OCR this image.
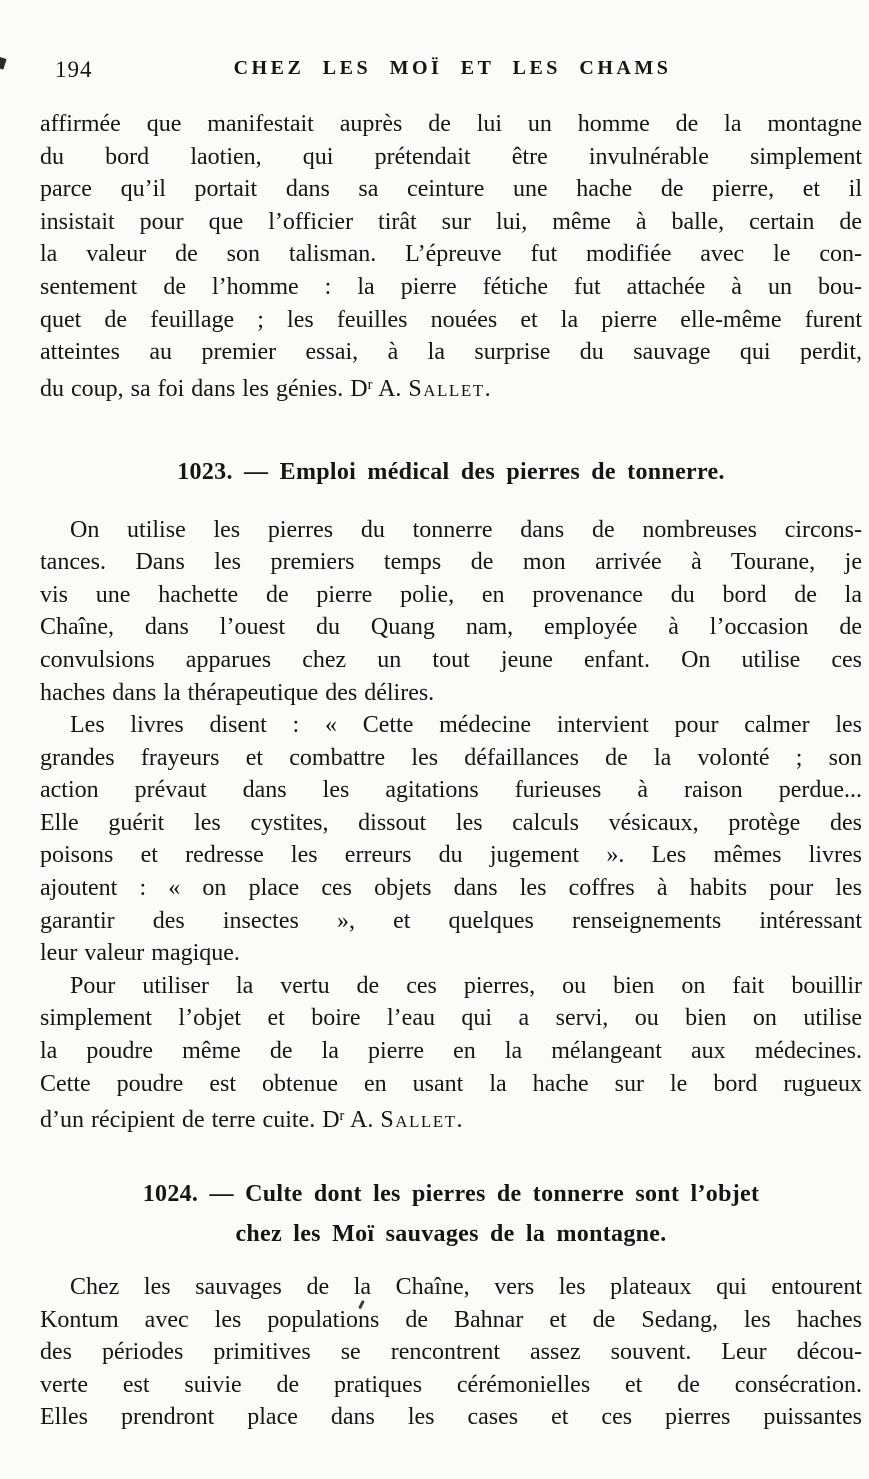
194	CHEZ LES MOÏ ET LES CHAMS
affirmée que manifestait auprès de lui un homme de la montagne
du bord laotien, qui prétendait être invulnérable simplement
parce qu’il portait dans sa ceinture une hache de pierre, et il
insistait pour que l’officier tirât sur lui, même à balle, certain de
la valeur de son talisman. L’épreuve fut modifiée avec le con-
sentement de l’homme : la pierre fétiche fut attachée à un bou-
quet de feuillage ; les feuilles nouées et la pierre elle-même furent
atteintes au premier essai, à la surprise du sauvage qui perdit,
du coup, sa foi dans les génies. $D^r$ A. Sallet.
1023. — Emploi médical des pierres de tonnerre.
On utilise les pierres du tonnerre dans de nombreuses circons-
tances. Dans les premiers temps de mon arrivée à Tourane, je
vis une hachette de pierre polie, en provenance du bord de la
Chaîne, dans l’ouest du Quang nam, employée à l’occasion de
convulsions apparues chez un tout jeune enfant. On utilise ces
haches dans la thérapeutique des délires.
Les livres disent : « Cette médecine intervient pour calmer les
grandes frayeurs et combattre les défaillances de la volonté ; son
action prévaut dans les agitations furieuses à raison perdue...
Elle guérit les cystites, dissout les calculs vésicaux, protège des
poisons et redresse les erreurs du jugement ». Les mêmes livres
ajoutent : « on place ces objets dans les coffres à habits pour les
garantir des insectes », et quelques renseignements intéressant
leur valeur magique.
Pour utiliser la vertu de ces pierres, ou bien on fait bouillir
simplement l’objet et boire l’eau qui a servi, ou bien on utilise
la poudre même de la pierre en la mélangeant aux médecines.
Cette poudre est obtenue en usant la hache sur le bord rugueux
d’un récipient de terre cuite. $D^r$ A. Sallet.
1024. — Culte dont les pierres de tonnerre sont l’objet
chez les Moï sauvages de la montagne.
Chez les sauvages de la Chaîne, vers les plateaux qui entourent
Kontum avec les populations de Bahnar et de Sedang, les haches
des périodes primitives se rencontrent assez souvent. Leur décou-
verte est suivie de pratiques cérémonielles et de consécration.
Elles prendront place dans les cases et ces pierres puissantes
